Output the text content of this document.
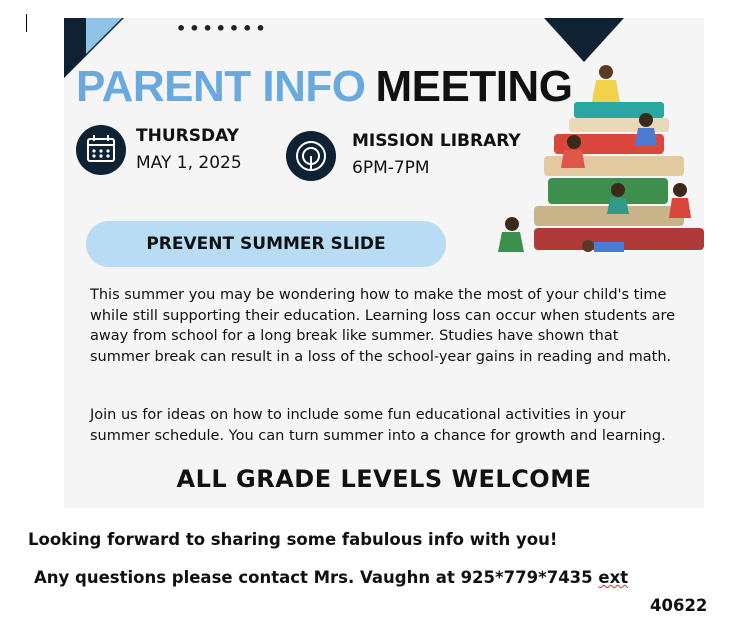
•••••••
PARENT INFO MEETING
THURSDAY
MAY 1, 2025
MISSION LIBRARY
6PM-7PM
PREVENT SUMMER SLIDE

This summer you may be wondering how to make the most of your child's time while still supporting their education. Learning loss can occur when students are away from school for a long break like summer. Studies have shown that summer break can result in a loss of the school-year gains in reading and math.

Join us for ideas on how to include some fun educational activities in your summer schedule. You can turn summer into a chance for growth and learning.

ALL GRADE LEVELS WELCOME
Looking forward to sharing some fabulous info with you!
Any questions please contact Mrs. Vaughn at 925*779*7435 ext
40622
